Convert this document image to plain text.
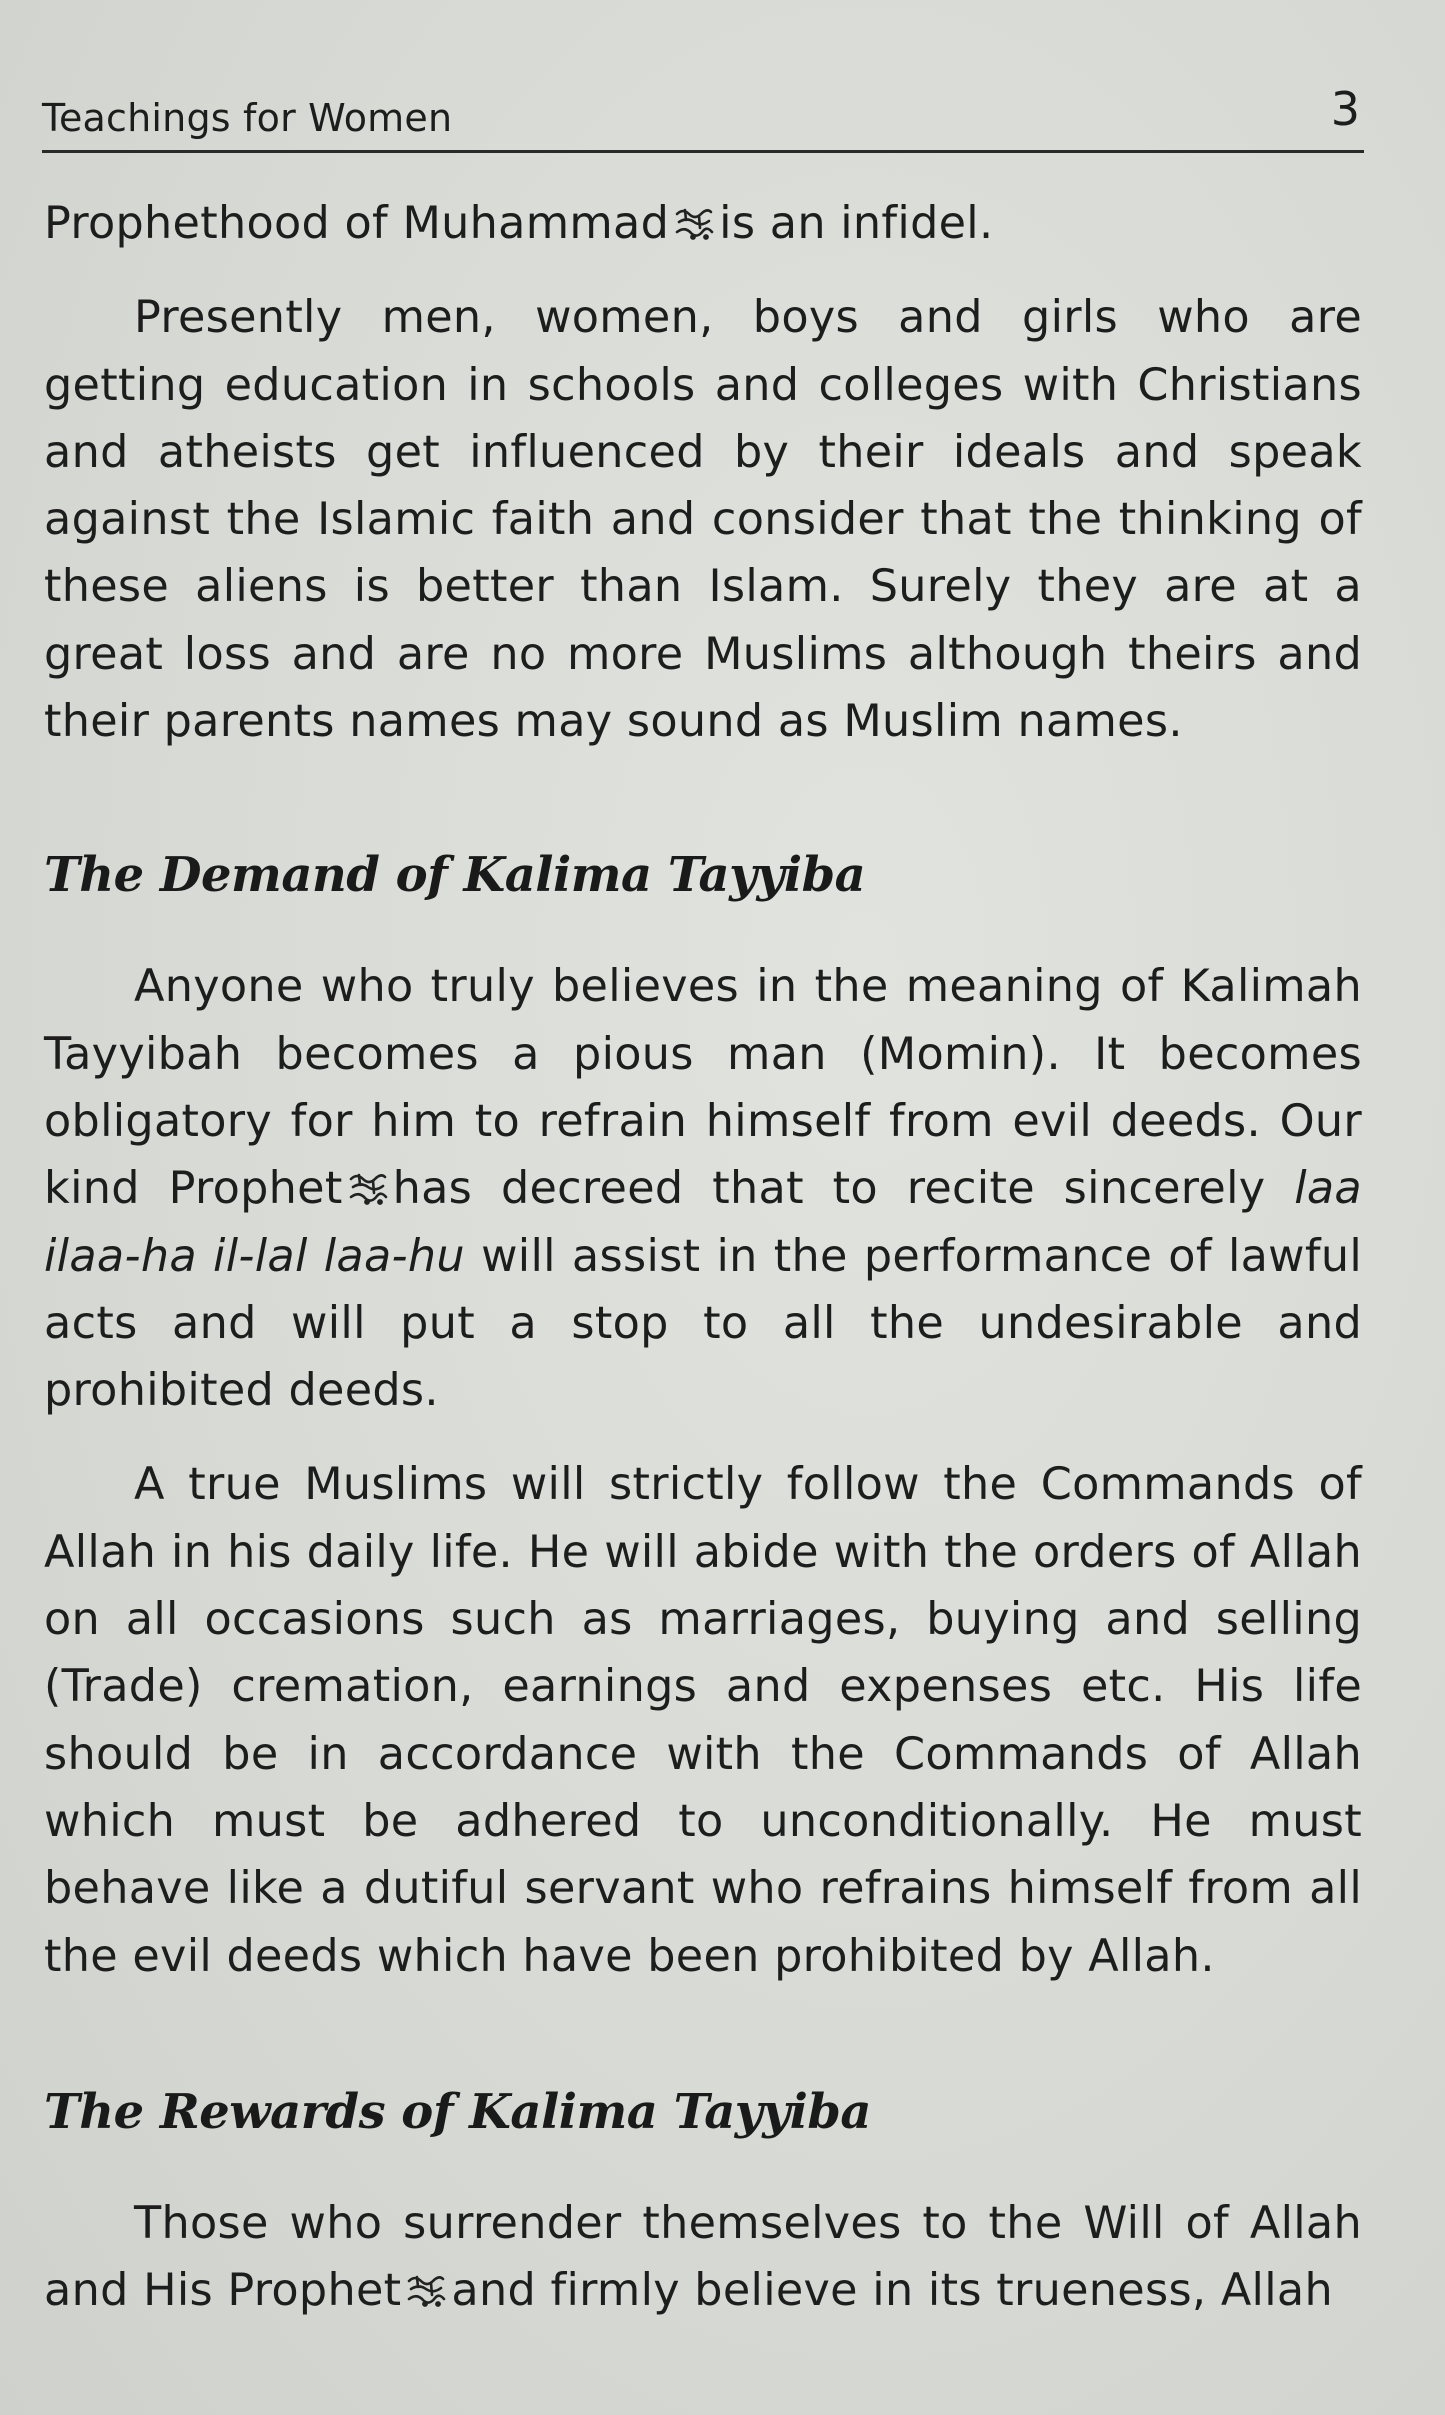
Teachings for Women	3

Prophethood of Muhammad is an infidel.

Presently men, women, boys and girls who are getting education in schools and colleges with Christians and atheists get influenced by their ideals and speak against the Islamic faith and consider that the thinking of these aliens is better than Islam. Surely they are at a great loss and are no more Muslims although theirs and their parents names may sound as Muslim names.

The Demand of Kalima Tayyiba

Anyone who truly believes in the meaning of Kalimah Tayyibah becomes a pious man (Momin). It becomes obligatory for him to refrain himself from evil deeds. Our kind Prophet has decreed that to recite sincerely laa ilaa-ha il-lal laa-hu will assist in the performance of lawful acts and will put a stop to all the undesirable and prohibited deeds.

A true Muslims will strictly follow the Commands of Allah in his daily life. He will abide with the orders of Allah on all occasions such as marriages, buying and selling (Trade) cremation, earnings and expenses etc. His life should be in accordance with the Commands of Allah which must be adhered to unconditionally. He must behave like a dutiful servant who refrains himself from all the evil deeds which have been prohibited by Allah.

The Rewards of Kalima Tayyiba

Those who surrender themselves to the Will of Allah and His Prophet and firmly believe in its trueness, Allah
